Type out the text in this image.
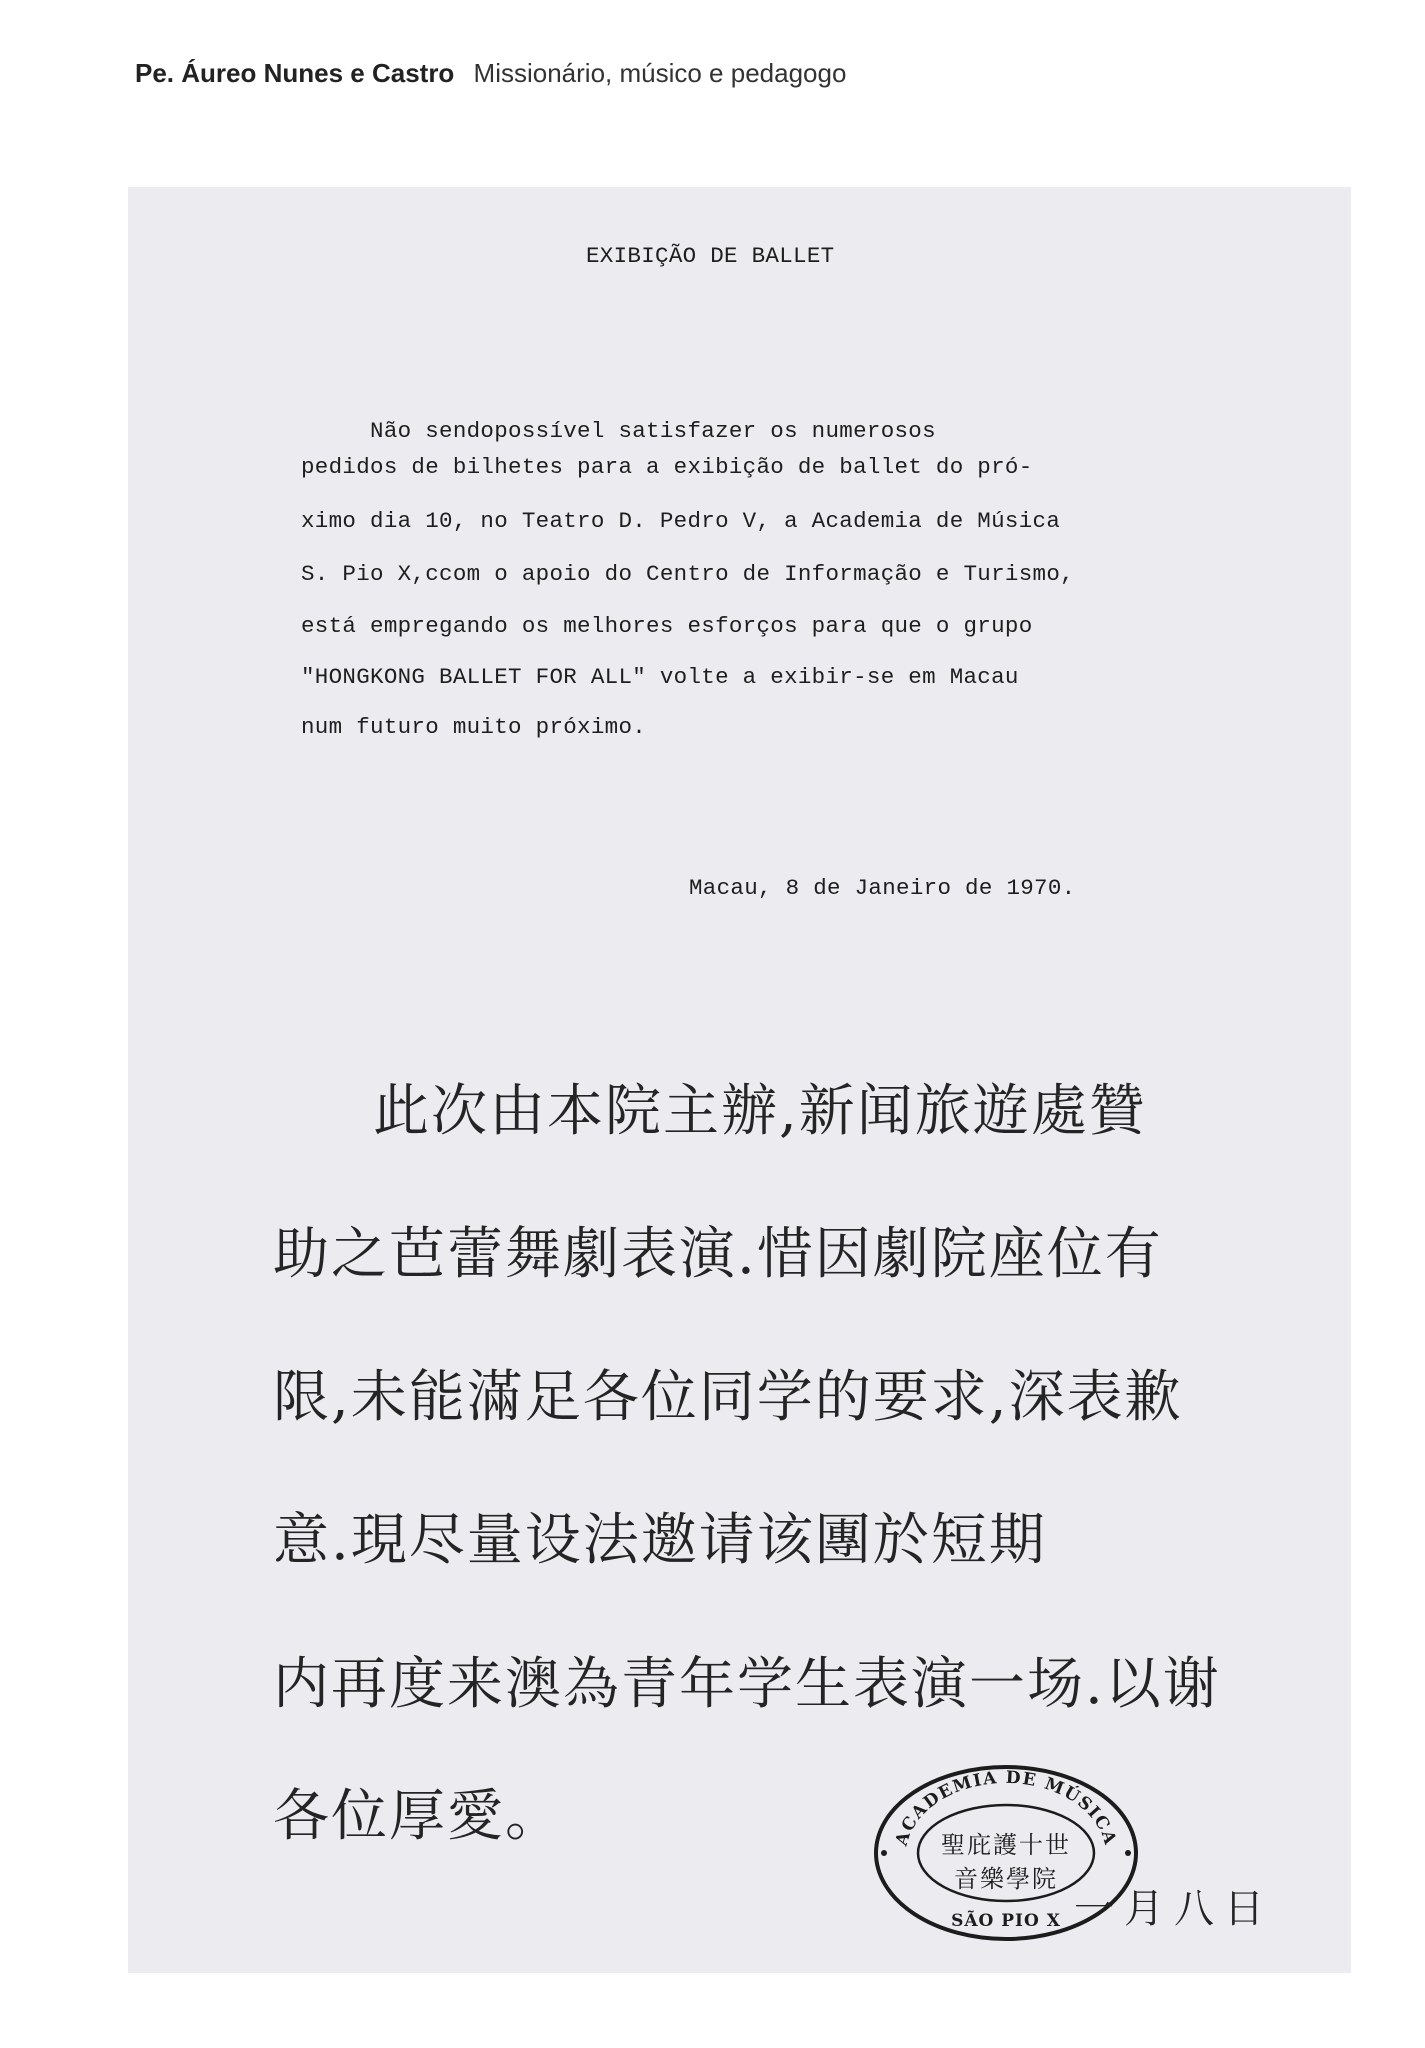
Pe. Áureo Nunes e Castro Missionário, músico e pedagogo
EXIBIÇÃO DE BALLET
Não sendopossível satisfazer os numerosos
pedidos de bilhetes para a exibição de ballet do pró-
ximo dia 10, no Teatro D. Pedro V, a Academia de Música
S. Pio X,ccom o apoio do Centro de Informação e Turismo,
está empregando os melhores esforços para que o grupo
"HONGKONG BALLET FOR ALL" volte a exibir-se em Macau
num futuro muito próximo.
Macau, 8 de Janeiro de 1970.
此次由本院主辦,新闻旅遊處贊
助之芭蕾舞劇表演.惜因劇院座位有
限,未能滿足各位同学的要求,深表歉
意.現尽量设法邀请该團於短期
内再度来澳為青年学生表演一场.以谢
各位厚愛。	ACADEMIA DE MÚSICA
聖庇護十世
音樂學院
SÃO PIO X 一月八日
